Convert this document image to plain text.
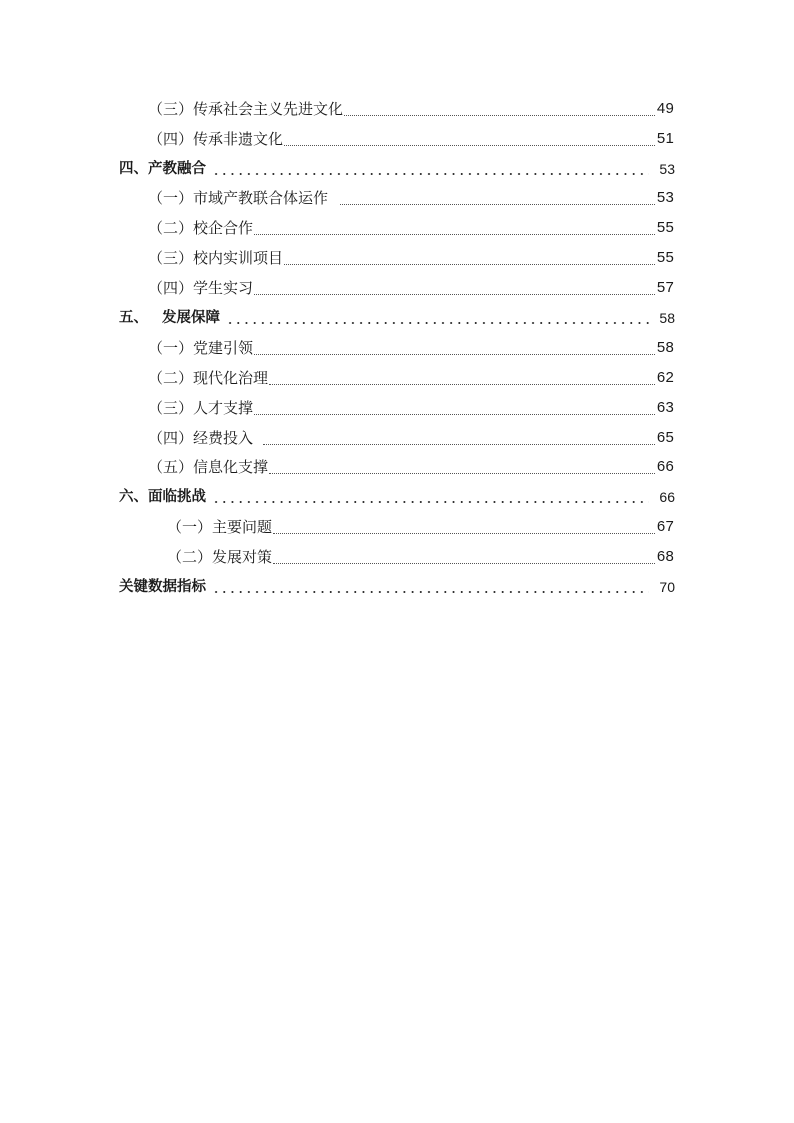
（三）传承社会主义先进文化	49
（四）传承非遗文化	51
四、产教融合	53
（一）市域产教联合体运作	53
（二）校企合作	55
（三）校内实训项目	55
（四）学生实习	57
五、 发展保障	58
（一）党建引领	58
（二）现代化治理	62
（三）人才支撑	63
（四）经费投入	65
（五）信息化支撑	66
六、面临挑战	66
（一）主要问题	67
（二）发展对策	68
关键数据指标	70
